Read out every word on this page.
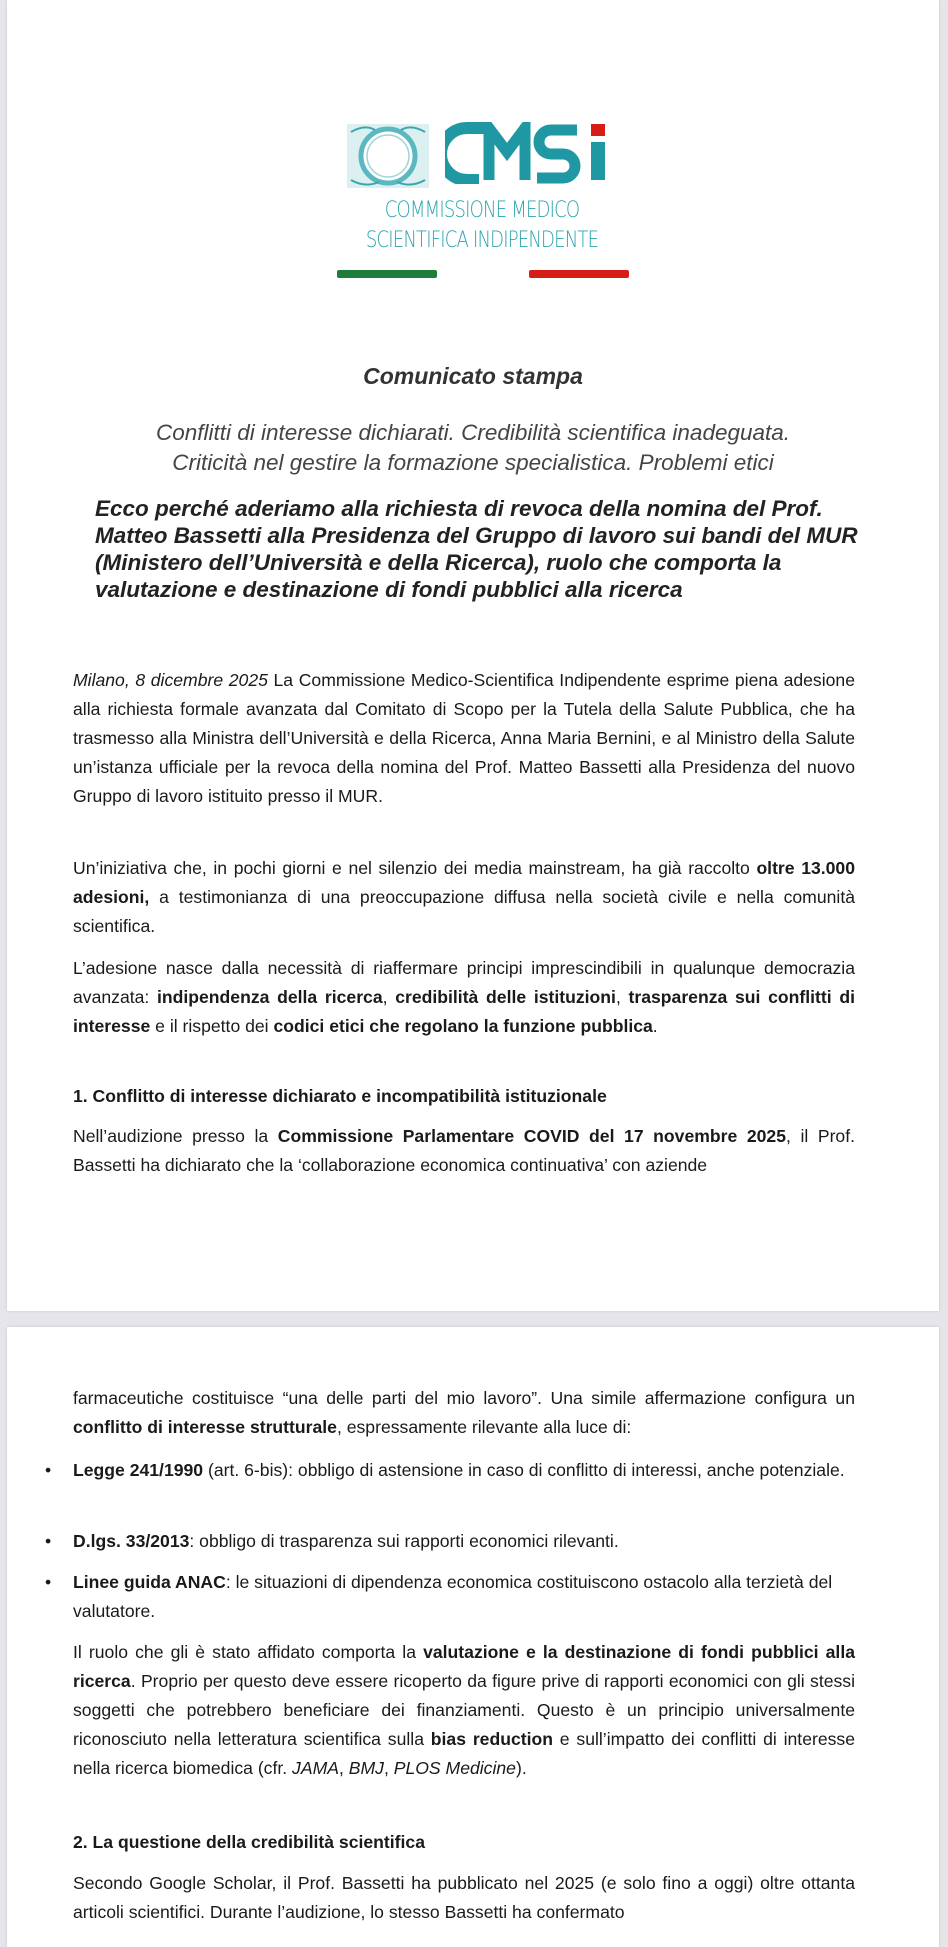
COMMISSIONE MEDICO
SCIENTIFICA INDIPENDENTE
Comunicato stampa
Conflitti di interesse dichiarati. Credibilità scientifica inadeguata.
Criticità nel gestire la formazione specialistica. Problemi etici
Ecco perché aderiamo alla richiesta di revoca della nomina del Prof. Matteo Bassetti alla Presidenza del Gruppo di lavoro sui bandi del MUR (Ministero dell’Università e della Ricerca), ruolo che comporta la valutazione e destinazione di fondi pubblici alla ricerca
Milano, 8 dicembre 2025 La Commissione Medico-Scientifica Indipendente esprime piena adesione alla richiesta formale avanzata dal Comitato di Scopo per la Tutela della Salute Pubblica, che ha trasmesso alla Ministra dell’Università e della Ricerca, Anna Maria Bernini, e al Ministro della Salute un’istanza ufficiale per la revoca della nomina del Prof. Matteo Bassetti alla Presidenza del nuovo Gruppo di lavoro istituito presso il MUR.
Un’iniziativa che, in pochi giorni e nel silenzio dei media mainstream, ha già raccolto oltre 13.000 adesioni, a testimonianza di una preoccupazione diffusa nella società civile e nella comunità scientifica.
L’adesione nasce dalla necessità di riaffermare principi imprescindibili in qualunque democrazia avanzata: indipendenza della ricerca, credibilità delle istituzioni, trasparenza sui conflitti di interesse e il rispetto dei codici etici che regolano la funzione pubblica.
1. Conflitto di interesse dichiarato e incompatibilità istituzionale
Nell’audizione presso la Commissione Parlamentare COVID del 17 novembre 2025, il Prof. Bassetti ha dichiarato che la ‘collaborazione economica continuativa’ con aziende
farmaceutiche costituisce “una delle parti del mio lavoro”. Una simile affermazione configura un conflitto di interesse strutturale, espressamente rilevante alla luce di:
• Legge 241/1990 (art. 6-bis): obbligo di astensione in caso di conflitto di interessi, anche potenziale.
• D.lgs. 33/2013: obbligo di trasparenza sui rapporti economici rilevanti.
• Linee guida ANAC: le situazioni di dipendenza economica costituiscono ostacolo alla terzietà del valutatore.
Il ruolo che gli è stato affidato comporta la valutazione e la destinazione di fondi pubblici alla ricerca. Proprio per questo deve essere ricoperto da figure prive di rapporti economici con gli stessi soggetti che potrebbero beneficiare dei finanziamenti. Questo è un principio universalmente riconosciuto nella letteratura scientifica sulla bias reduction e sull’impatto dei conflitti di interesse nella ricerca biomedica (cfr. JAMA, BMJ, PLOS Medicine).
2. La questione della credibilità scientifica
Secondo Google Scholar, il Prof. Bassetti ha pubblicato nel 2025 (e solo fino a oggi) oltre ottanta articoli scientifici. Durante l’audizione, lo stesso Bassetti ha confermato
